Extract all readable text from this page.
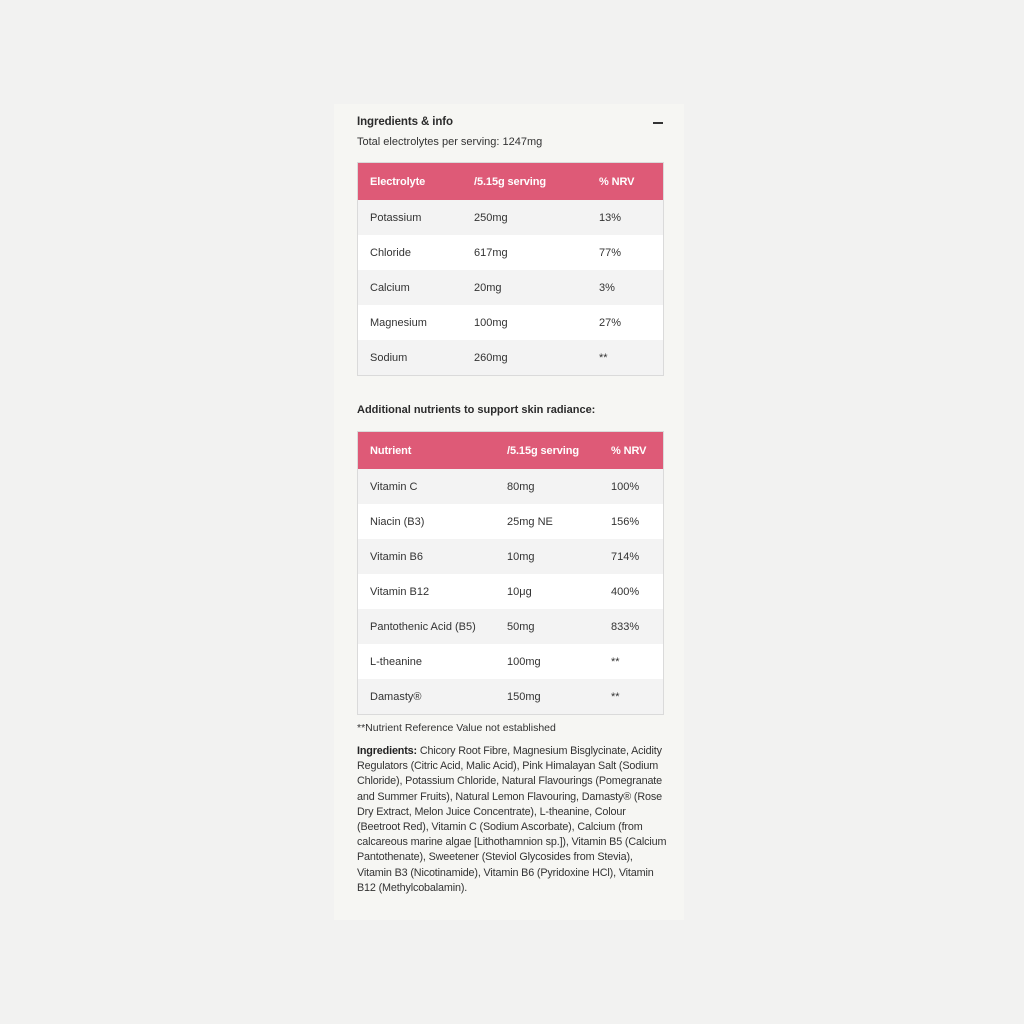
Ingredients & info
Total electrolytes per serving: 1247mg
Electrolyte	/5.15g serving	% NRV
Potassium	250mg	13%
Chloride	617mg	77%
Calcium	20mg	3%
Magnesium	100mg	27%
Sodium	260mg	**
Additional nutrients to support skin radiance:
Nutrient	/5.15g serving	% NRV
Vitamin C	80mg	100%
Niacin (B3)	25mg NE	156%
Vitamin B6	10mg	714%
Vitamin B12	10μg	400%
Pantothenic Acid (B5)	50mg	833%
L-theanine	100mg	**
Damasty®	150mg	**
**Nutrient Reference Value not established
Ingredients: Chicory Root Fibre, Magnesium Bisglycinate, Acidity Regulators (Citric Acid, Malic Acid), Pink Himalayan Salt (Sodium Chloride), Potassium Chloride, Natural Flavourings (Pomegranate and Summer Fruits), Natural Lemon Flavouring, Damasty® (Rose Dry Extract, Melon Juice Concentrate), L-theanine, Colour (Beetroot Red), Vitamin C (Sodium Ascorbate), Calcium (from calcareous marine algae [Lithothamnion sp.]), Vitamin B5 (Calcium Pantothenate), Sweetener (Steviol Glycosides from Stevia), Vitamin B3 (Nicotinamide), Vitamin B6 (Pyridoxine HCl), Vitamin B12 (Methylcobalamin).
